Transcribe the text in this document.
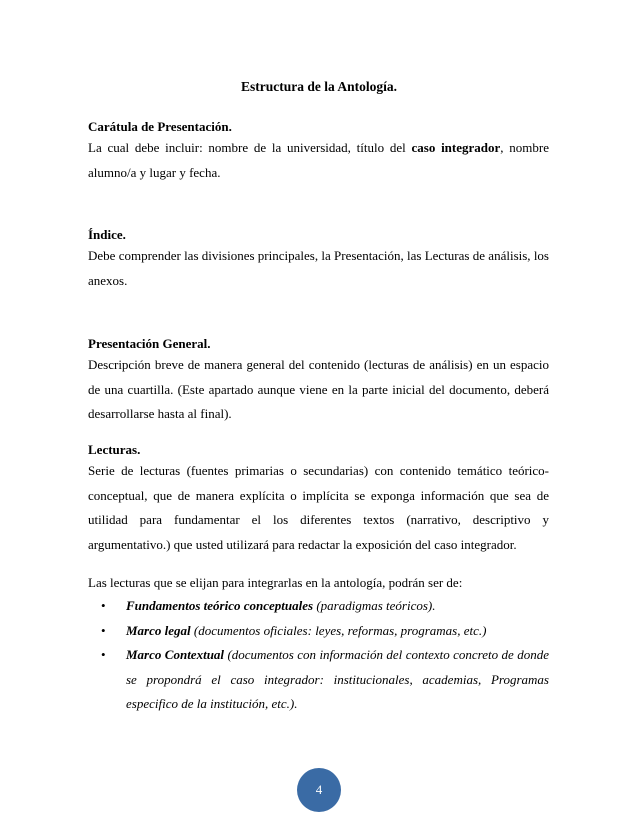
Estructura de la Antología.

Carátula de Presentación.

La cual debe incluir: nombre de la universidad, título del caso integrador, nombre alumno/a y lugar y fecha.

Índice.

Debe comprender las divisiones principales, la Presentación, las Lecturas de análisis, los anexos.

Presentación General.

Descripción breve de manera general del contenido (lecturas de análisis) en un espacio de una cuartilla. (Este apartado aunque viene en la parte inicial del documento, deberá desarrollarse hasta al final).

Lecturas.

Serie de lecturas (fuentes primarias o secundarias) con contenido temático teórico-conceptual, que de manera explícita o implícita se exponga información que sea de utilidad para fundamentar el los diferentes textos (narrativo, descriptivo y argumentativo.) que usted utilizará para redactar la exposición del caso integrador.

Las lecturas que se elijan para integrarlas en la antología, podrán ser de:

• Fundamentos teórico conceptuales (paradigmas teóricos).
• Marco legal (documentos oficiales: leyes, reformas, programas, etc.)
• Marco Contextual (documentos con información del contexto concreto de donde se propondrá el caso integrador: institucionales, academias, Programas especifico de la institución, etc.).
4
